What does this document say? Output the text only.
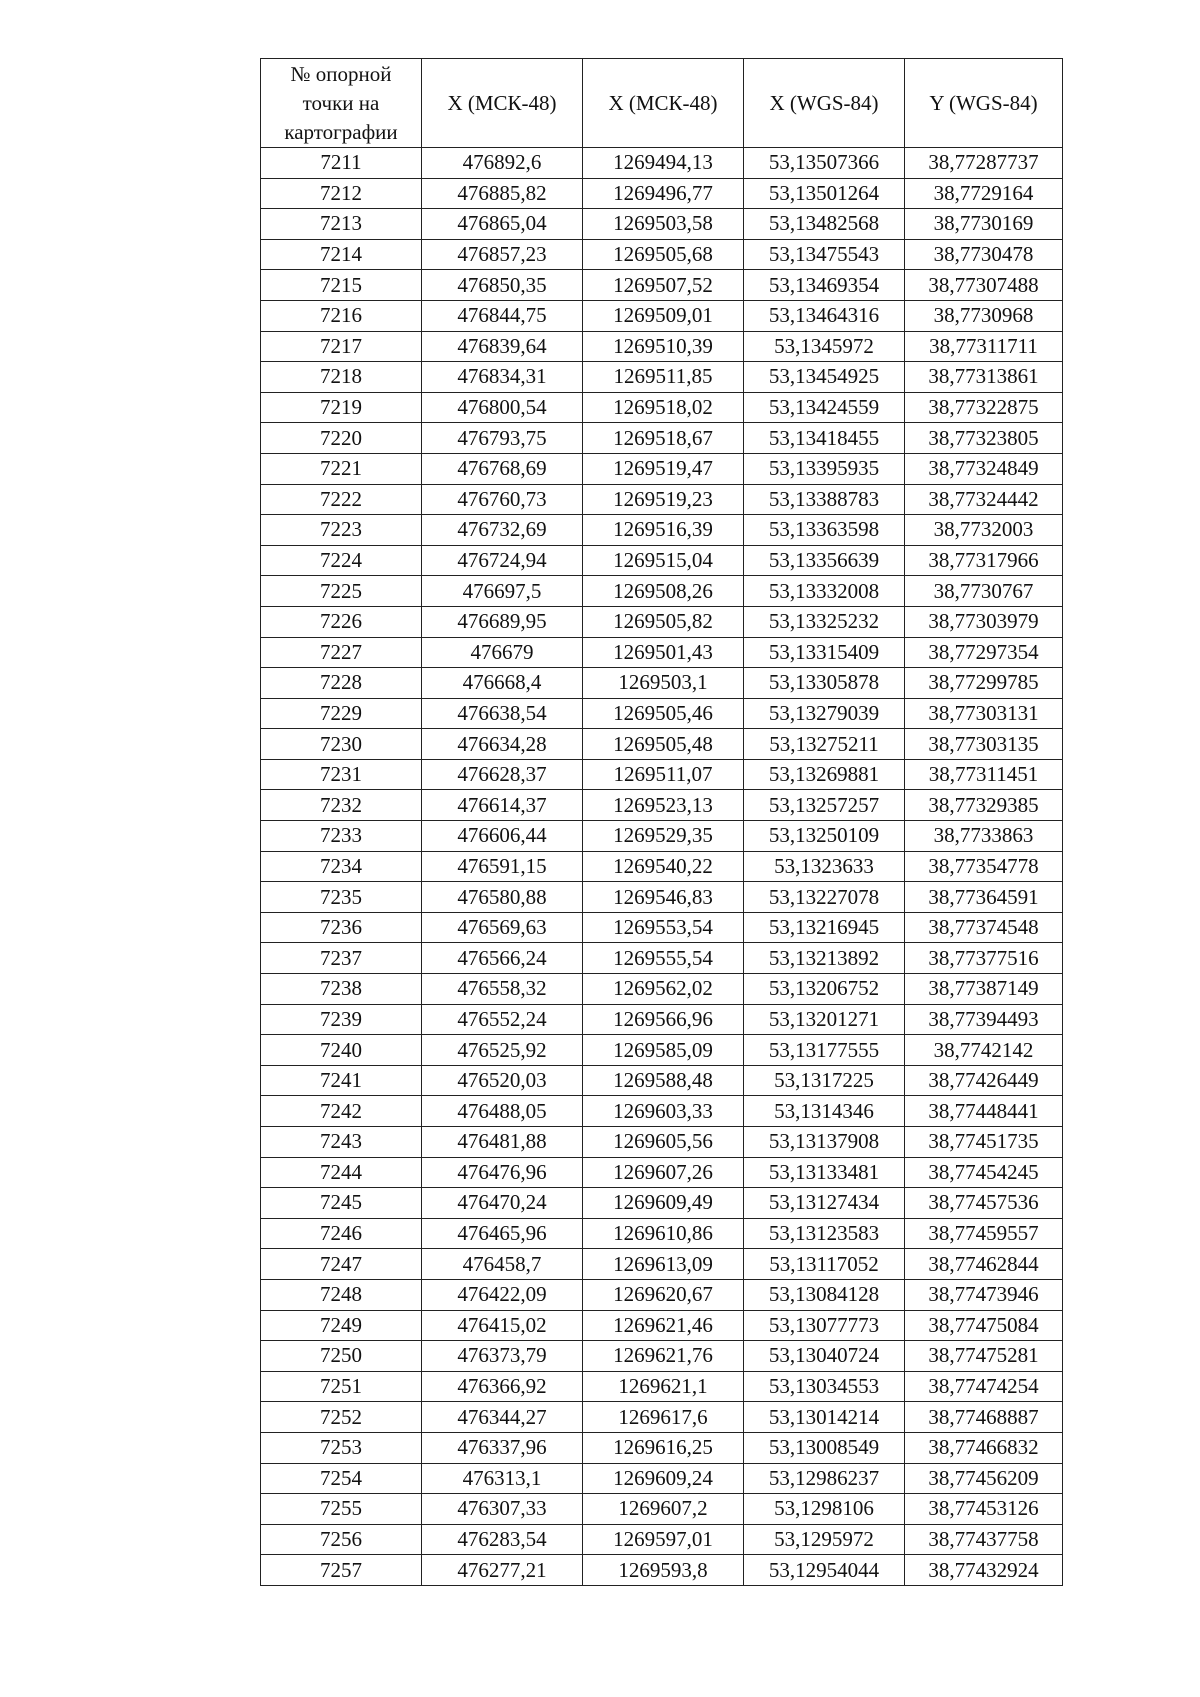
№ опорной точки на картографии	X (МСК-48)	X (МСК-48)	X (WGS-84)	Y (WGS-84)
7211	476892,6	1269494,13	53,13507366	38,77287737
7212	476885,82	1269496,77	53,13501264	38,7729164
7213	476865,04	1269503,58	53,13482568	38,7730169
7214	476857,23	1269505,68	53,13475543	38,7730478
7215	476850,35	1269507,52	53,13469354	38,77307488
7216	476844,75	1269509,01	53,13464316	38,7730968
7217	476839,64	1269510,39	53,1345972	38,77311711
7218	476834,31	1269511,85	53,13454925	38,77313861
7219	476800,54	1269518,02	53,13424559	38,77322875
7220	476793,75	1269518,67	53,13418455	38,77323805
7221	476768,69	1269519,47	53,13395935	38,77324849
7222	476760,73	1269519,23	53,13388783	38,77324442
7223	476732,69	1269516,39	53,13363598	38,7732003
7224	476724,94	1269515,04	53,13356639	38,77317966
7225	476697,5	1269508,26	53,13332008	38,7730767
7226	476689,95	1269505,82	53,13325232	38,77303979
7227	476679	1269501,43	53,13315409	38,77297354
7228	476668,4	1269503,1	53,13305878	38,77299785
7229	476638,54	1269505,46	53,13279039	38,77303131
7230	476634,28	1269505,48	53,13275211	38,77303135
7231	476628,37	1269511,07	53,13269881	38,77311451
7232	476614,37	1269523,13	53,13257257	38,77329385
7233	476606,44	1269529,35	53,13250109	38,7733863
7234	476591,15	1269540,22	53,1323633	38,77354778
7235	476580,88	1269546,83	53,13227078	38,77364591
7236	476569,63	1269553,54	53,13216945	38,77374548
7237	476566,24	1269555,54	53,13213892	38,77377516
7238	476558,32	1269562,02	53,13206752	38,77387149
7239	476552,24	1269566,96	53,13201271	38,77394493
7240	476525,92	1269585,09	53,13177555	38,7742142
7241	476520,03	1269588,48	53,1317225	38,77426449
7242	476488,05	1269603,33	53,1314346	38,77448441
7243	476481,88	1269605,56	53,13137908	38,77451735
7244	476476,96	1269607,26	53,13133481	38,77454245
7245	476470,24	1269609,49	53,13127434	38,77457536
7246	476465,96	1269610,86	53,13123583	38,77459557
7247	476458,7	1269613,09	53,13117052	38,77462844
7248	476422,09	1269620,67	53,13084128	38,77473946
7249	476415,02	1269621,46	53,13077773	38,77475084
7250	476373,79	1269621,76	53,13040724	38,77475281
7251	476366,92	1269621,1	53,13034553	38,77474254
7252	476344,27	1269617,6	53,13014214	38,77468887
7253	476337,96	1269616,25	53,13008549	38,77466832
7254	476313,1	1269609,24	53,12986237	38,77456209
7255	476307,33	1269607,2	53,1298106	38,77453126
7256	476283,54	1269597,01	53,1295972	38,77437758
7257	476277,21	1269593,8	53,12954044	38,77432924
